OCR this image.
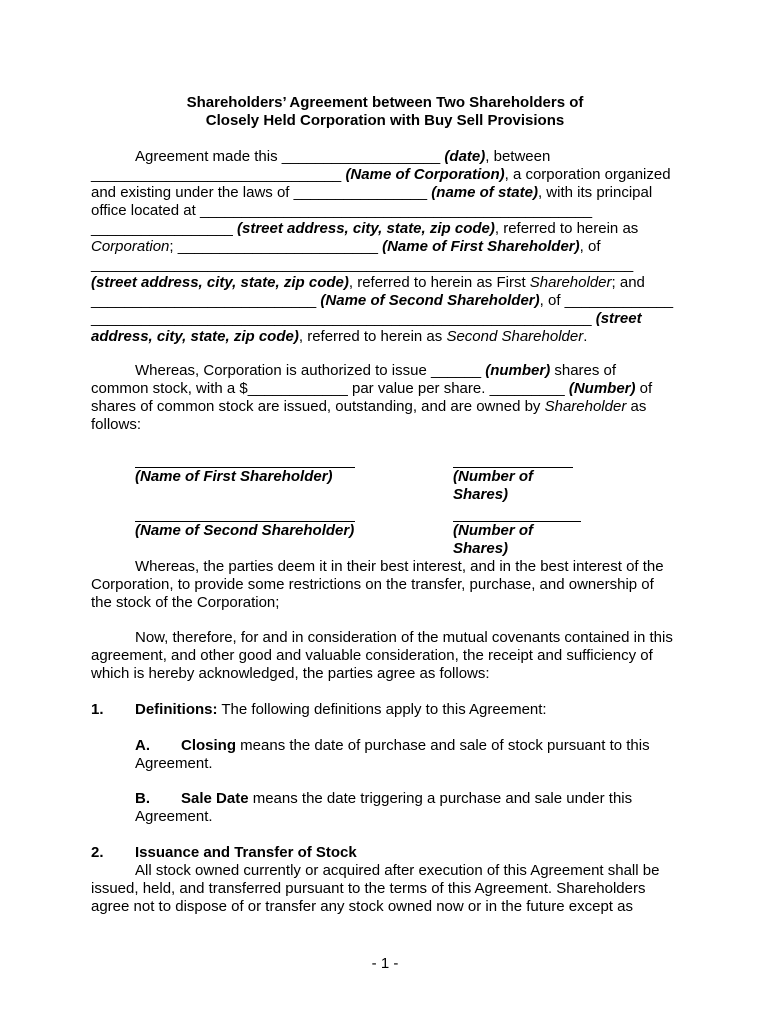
Shareholders’ Agreement between Two Shareholders of
Closely Held Corporation with Buy Sell Provisions
Agreement made this ___________________ (date), between
______________________________ (Name of Corporation), a corporation organized
and existing under the laws of ________________ (name of state), with its principal
office located at _______________________________________________
_________________ (street address, city, state, zip code), referred to herein as
Corporation; ________________________ (Name of First Shareholder), of
_________________________________________________________________
(street address, city, state, zip code), referred to herein as First Shareholder; and
___________________________ (Name of Second Shareholder), of _____________
____________________________________________________________ (street
address, city, state, zip code), referred to herein as Second Shareholder.
Whereas, Corporation is authorized to issue ______ (number) shares of
common stock, with a $____________ par value per share. _________ (Number) of
shares of common stock are issued, outstanding, and are owned by Shareholder as
follows:
(Name of First Shareholder)	(Number of Shares)
(Name of Second Shareholder)	(Number of Shares)
Whereas, the parties deem it in their best interest, and in the best interest of the
Corporation, to provide some restrictions on the transfer, purchase, and ownership of
the stock of the Corporation;
Now, therefore, for and in consideration of the mutual covenants contained in this
agreement, and other good and valuable consideration, the receipt and sufficiency of
which is hereby acknowledged, the parties agree as follows:
1. Definitions: The following definitions apply to this Agreement:
A. Closing means the date of purchase and sale of stock pursuant to this
Agreement.
B. Sale Date means the date triggering a purchase and sale under this
Agreement.
2. Issuance and Transfer of Stock
All stock owned currently or acquired after execution of this Agreement shall be
issued, held, and transferred pursuant to the terms of this Agreement. Shareholders
agree not to dispose of or transfer any stock owned now or in the future except as
- 1 -
